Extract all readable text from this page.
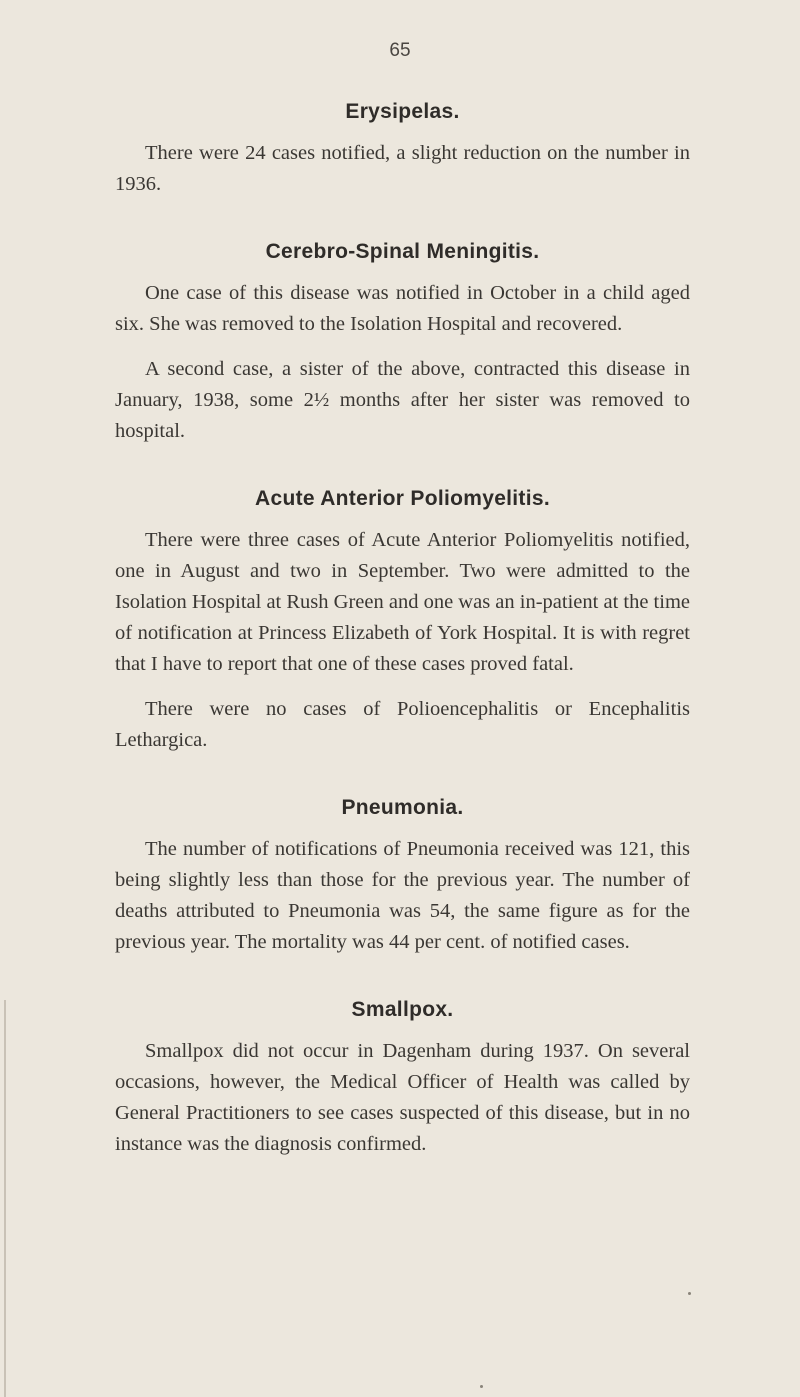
65
Erysipelas.

There were 24 cases notified, a slight reduction on the number in 1936.

Cerebro-Spinal Meningitis.

One case of this disease was notified in October in a child aged six. She was removed to the Isolation Hospital and recovered.

A second case, a sister of the above, contracted this disease in January, 1938, some 2½ months after her sister was removed to hospital.

Acute Anterior Poliomyelitis.

There were three cases of Acute Anterior Poliomyelitis notified, one in August and two in September. Two were admitted to the Isolation Hospital at Rush Green and one was an in-patient at the time of notification at Princess Elizabeth of York Hospital. It is with regret that I have to report that one of these cases proved fatal.

There were no cases of Polioencephalitis or Encephalitis Lethargica.

Pneumonia.

The number of notifications of Pneumonia received was 121, this being slightly less than those for the previous year. The number of deaths attributed to Pneumonia was 54, the same figure as for the previous year. The mortality was 44 per cent. of notified cases.

Smallpox.

Smallpox did not occur in Dagenham during 1937. On several occasions, however, the Medical Officer of Health was called by General Practitioners to see cases suspected of this disease, but in no instance was the diagnosis confirmed.
